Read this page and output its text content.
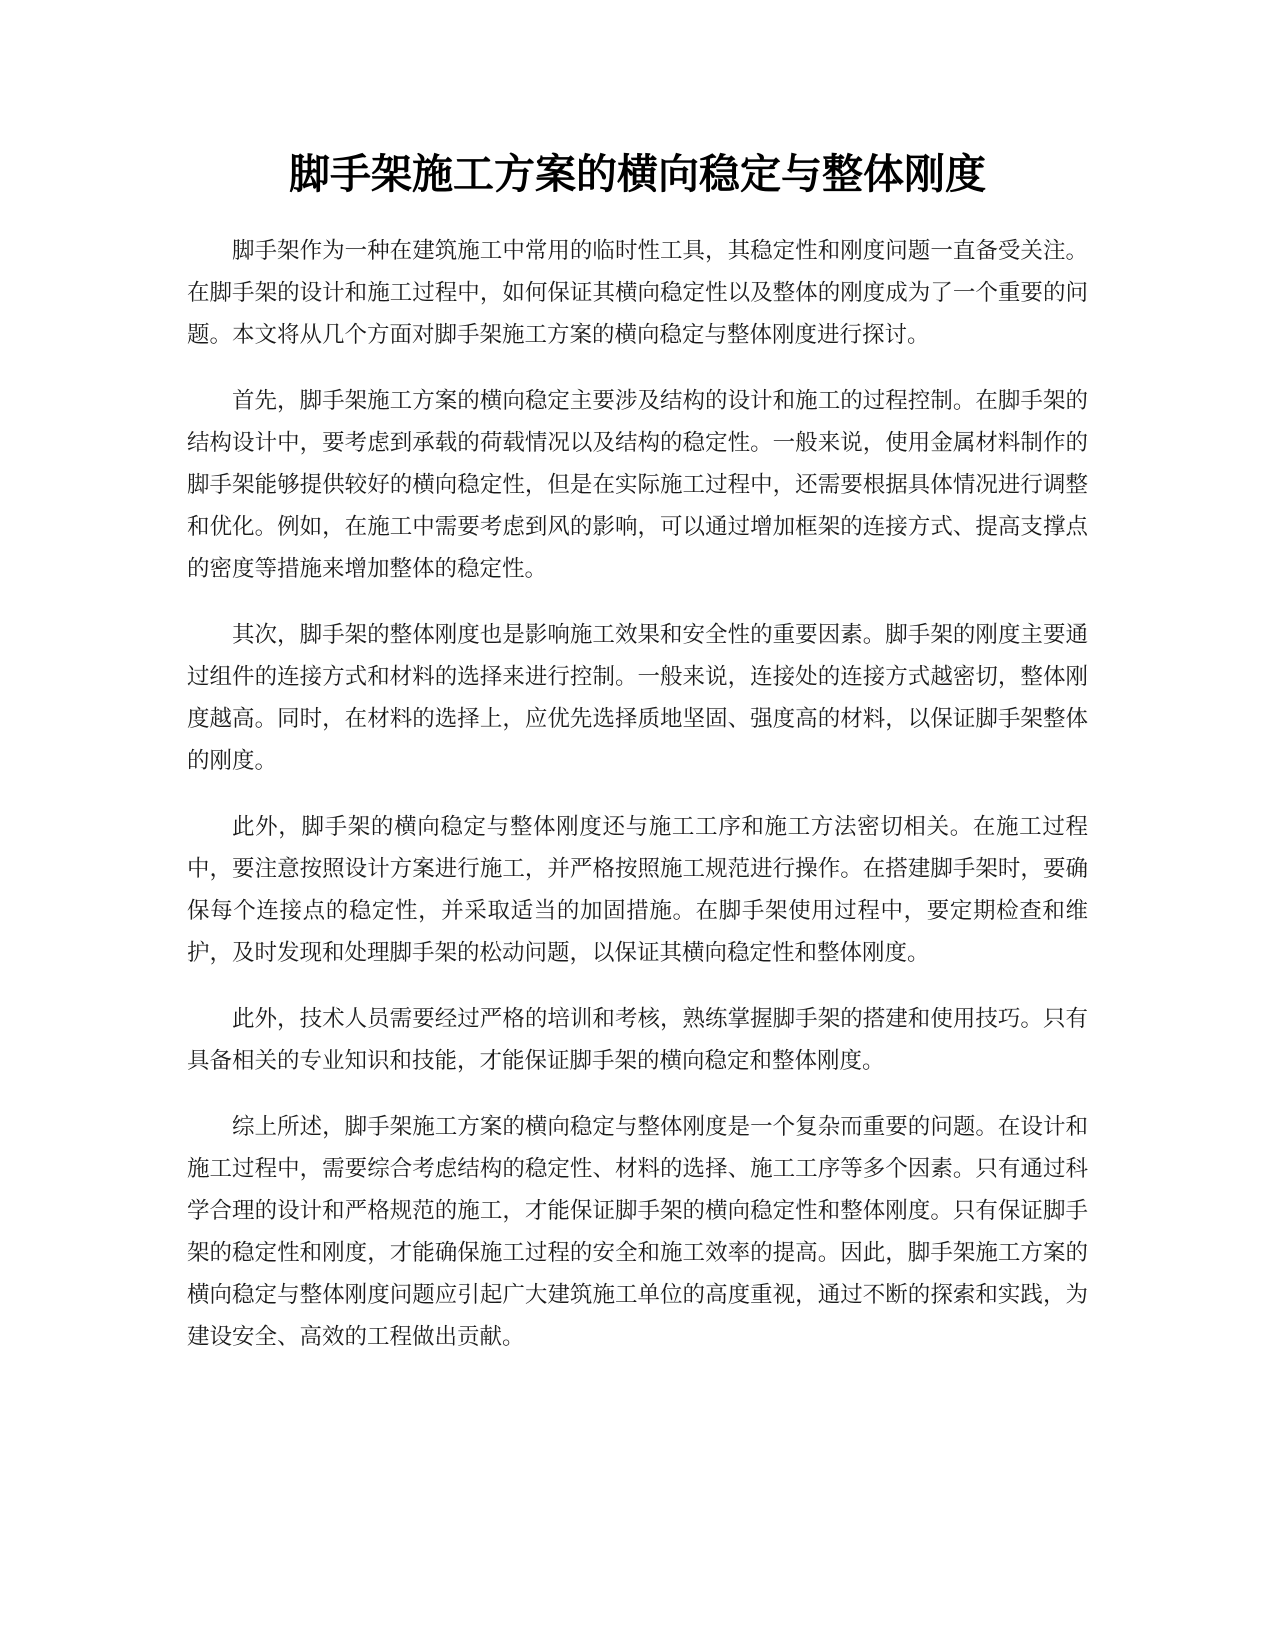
脚手架施工方案的横向稳定与整体刚度

脚手架作为一种在建筑施工中常用的临时性工具，其稳定性和刚度问题一直备受关注。在脚手架的设计和施工过程中，如何保证其横向稳定性以及整体的刚度成为了一个重要的问题。本文将从几个方面对脚手架施工方案的横向稳定与整体刚度进行探讨。

首先，脚手架施工方案的横向稳定主要涉及结构的设计和施工的过程控制。在脚手架的结构设计中，要考虑到承载的荷载情况以及结构的稳定性。一般来说，使用金属材料制作的脚手架能够提供较好的横向稳定性，但是在实际施工过程中，还需要根据具体情况进行调整和优化。例如，在施工中需要考虑到风的影响，可以通过增加框架的连接方式、提高支撑点的密度等措施来增加整体的稳定性。

其次，脚手架的整体刚度也是影响施工效果和安全性的重要因素。脚手架的刚度主要通过组件的连接方式和材料的选择来进行控制。一般来说，连接处的连接方式越密切，整体刚度越高。同时，在材料的选择上，应优先选择质地坚固、强度高的材料，以保证脚手架整体的刚度。

此外，脚手架的横向稳定与整体刚度还与施工工序和施工方法密切相关。在施工过程中，要注意按照设计方案进行施工，并严格按照施工规范进行操作。在搭建脚手架时，要确保每个连接点的稳定性，并采取适当的加固措施。在脚手架使用过程中，要定期检查和维护，及时发现和处理脚手架的松动问题，以保证其横向稳定性和整体刚度。

此外，技术人员需要经过严格的培训和考核，熟练掌握脚手架的搭建和使用技巧。只有具备相关的专业知识和技能，才能保证脚手架的横向稳定和整体刚度。

综上所述，脚手架施工方案的横向稳定与整体刚度是一个复杂而重要的问题。在设计和施工过程中，需要综合考虑结构的稳定性、材料的选择、施工工序等多个因素。只有通过科学合理的设计和严格规范的施工，才能保证脚手架的横向稳定性和整体刚度。只有保证脚手架的稳定性和刚度，才能确保施工过程的安全和施工效率的提高。因此，脚手架施工方案的横向稳定与整体刚度问题应引起广大建筑施工单位的高度重视，通过不断的探索和实践，为建设安全、高效的工程做出贡献。
